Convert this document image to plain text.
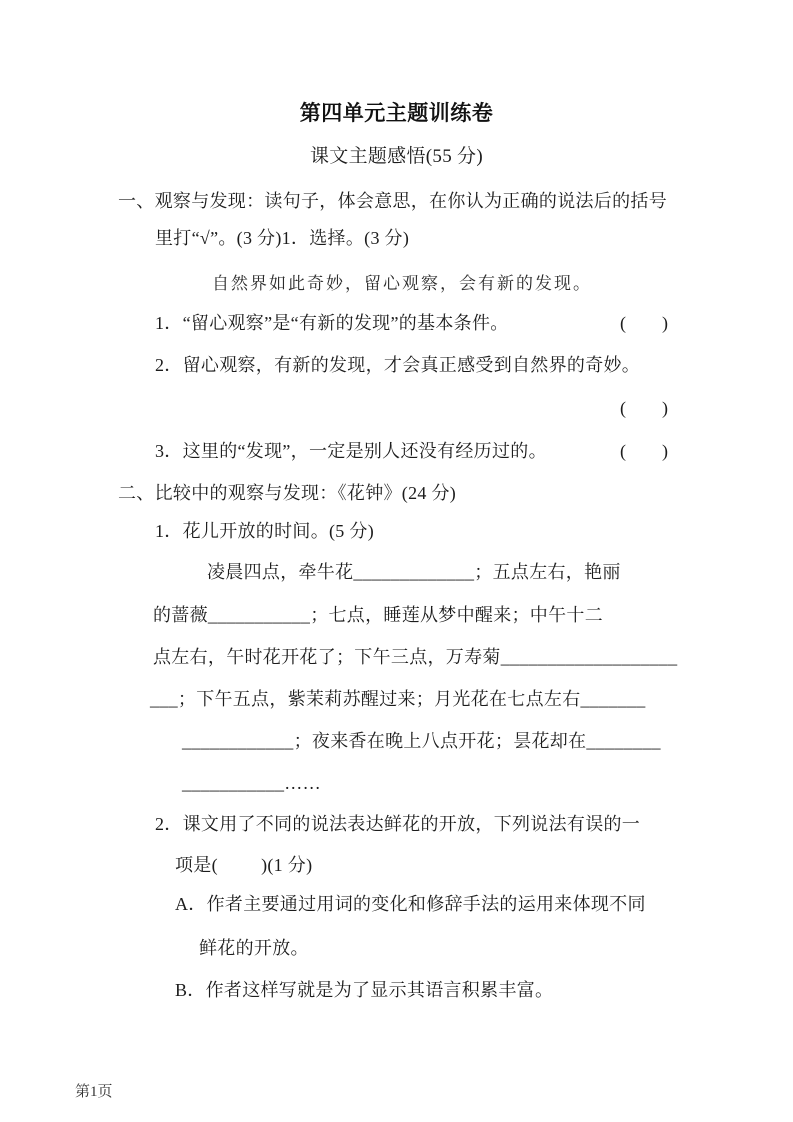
第四单元主题训练卷
课文主题感悟(55 分)
一、观察与发现：读句子，体会意思，在你认为正确的说法后的括号
里打“√”。(3 分)1．选择。(3 分)
自然界如此奇妙，留心观察，会有新的发现。
1．“留心观察”是“有新的发现”的基本条件。	(        )
2．留心观察，有新的发现，才会真正感受到自然界的奇妙。
(        )
3．这里的“发现”，一定是别人还没有经历过的。	(        )
二、比较中的观察与发现：《花钟》(24 分)
1．花儿开放的时间。(5 分)
凌晨四点，牵牛花_____________；五点左右，艳丽
的蔷薇___________；七点，睡莲从梦中醒来；中午十二
点左右，午时花开花了；下午三点，万寿菊___________________
___；下午五点，紫茉莉苏醒过来；月光花在七点左右_______
____________；夜来香在晚上八点开花；昙花却在________
___________……
2．课文用了不同的说法表达鲜花的开放，下列说法有误的一
项是(         )(1 分)
A．作者主要通过用词的变化和修辞手法的运用来体现不同
鲜花的开放。
B．作者这样写就是为了显示其语言积累丰富。
第1页
